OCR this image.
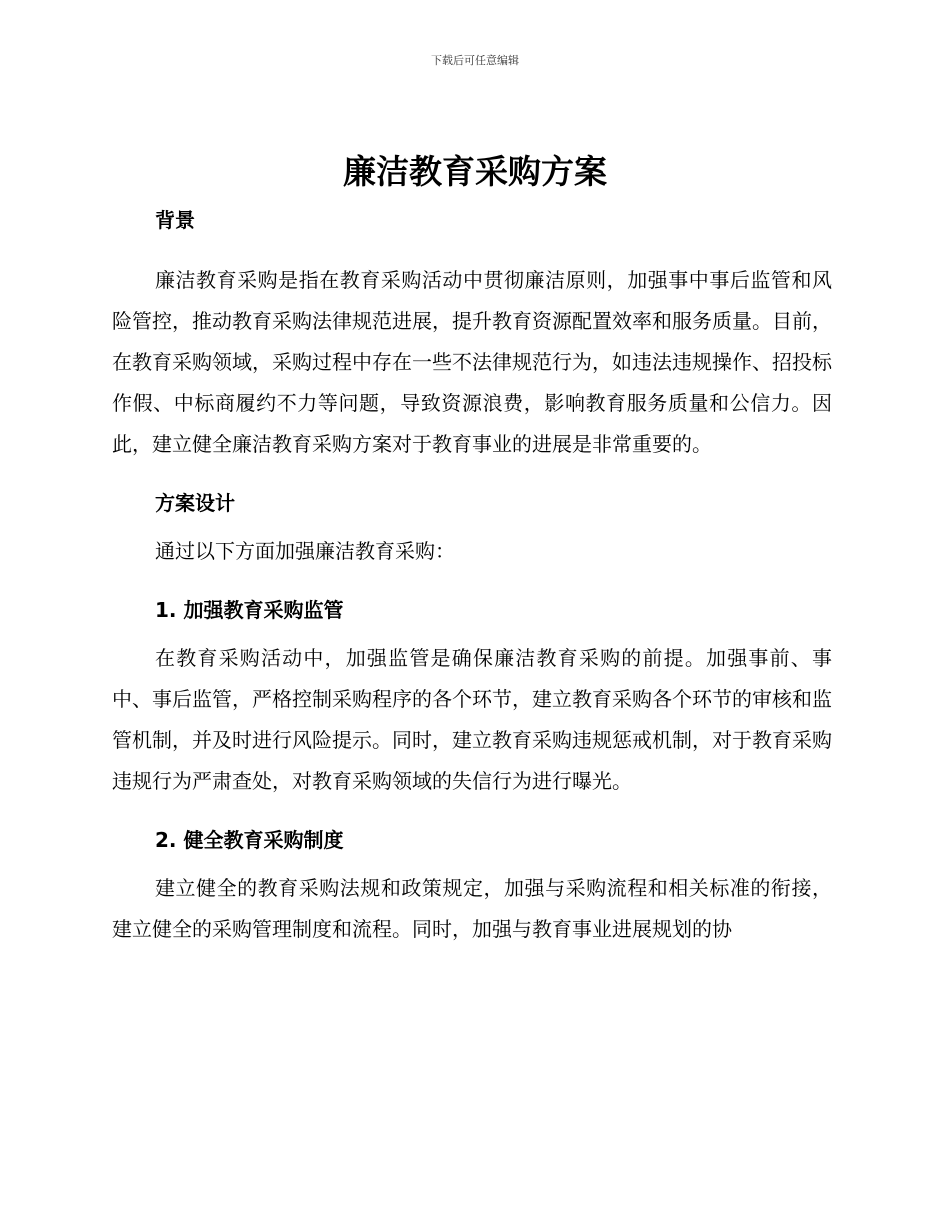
下载后可任意编辑
廉洁教育采购方案
背景

廉洁教育采购是指在教育采购活动中贯彻廉洁原则，加强事中事后监管和风险管控，推动教育采购法律规范进展，提升教育资源配置效率和服务质量。目前，在教育采购领域，采购过程中存在一些不法律规范行为，如违法违规操作、招投标作假、中标商履约不力等问题，导致资源浪费，影响教育服务质量和公信力。因此，建立健全廉洁教育采购方案对于教育事业的进展是非常重要的。

方案设计

通过以下方面加强廉洁教育采购：

1. 加强教育采购监管

在教育采购活动中，加强监管是确保廉洁教育采购的前提。加强事前、事中、事后监管，严格控制采购程序的各个环节，建立教育采购各个环节的审核和监管机制，并及时进行风险提示。同时，建立教育采购违规惩戒机制，对于教育采购违规行为严肃查处，对教育采购领域的失信行为进行曝光。

2. 健全教育采购制度

建立健全的教育采购法规和政策规定，加强与采购流程和相关标准的衔接，建立健全的采购管理制度和流程。同时，加强与教育事业进展规划的协
